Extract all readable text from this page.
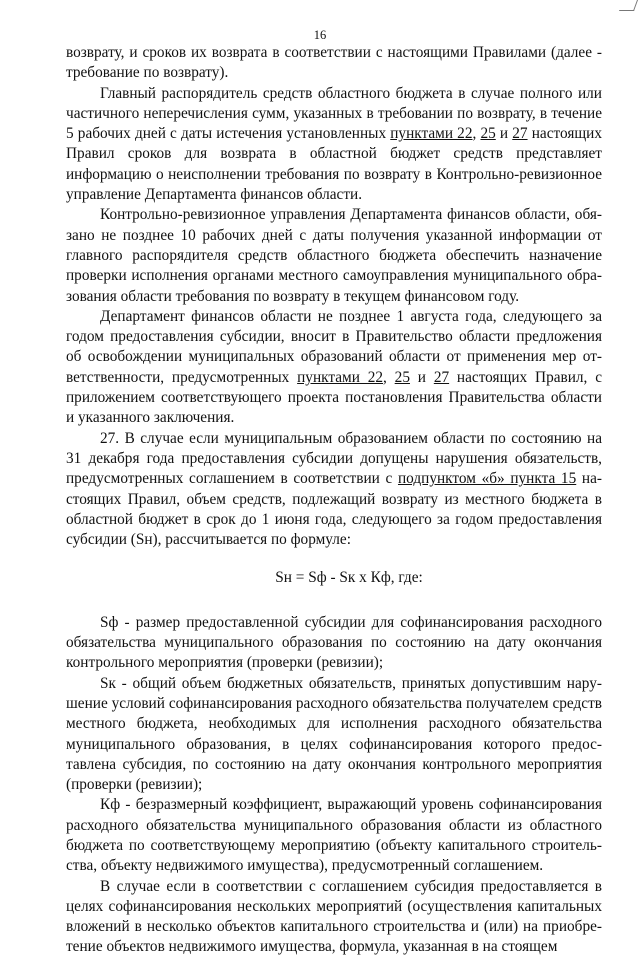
16

возврату, и сроков их возврата в соответствии с настоящими Правилами (далее - требование по возврату).

Главный распорядитель средств областного бюджета в случае полного или частичного неперечисления сумм, указанных в требовании по возврату, в течение 5 рабочих дней с даты истечения установленных пунктами 22, 25 и 27 настоящих Правил сроков для возврата в областной бюджет средств представляет информацию о неисполнении требования по возврату в Контрольно-ревизионное управление Департамента финансов области.

Контрольно-ревизионное управления Департамента финансов области, обязано не позднее 10 рабочих дней с даты получения указанной информации от главного распорядителя средств областного бюджета обеспечить назначение проверки исполнения органами местного самоуправления муниципального образования области требования по возврату в текущем финансовом году.

Департамент финансов области не позднее 1 августа года, следующего за годом предоставления субсидии, вносит в Правительство области предложения об освобождении муниципальных образований области от применения мер ответственности, предусмотренных пунктами 22, 25 и 27 настоящих Правил, с приложением соответствующего проекта постановления Правительства области и указанного заключения.

27. В случае если муниципальным образованием области по состоянию на 31 декабря года предоставления субсидии допущены нарушения обязательств, предусмотренных соглашением в соответствии с подпунктом «б» пункта 15 настоящих Правил, объем средств, подлежащий возврату из местного бюджета в областной бюджет в срок до 1 июня года, следующего за годом предоставления субсидии (Sн), рассчитывается по формуле:

Sн = Sф - Sк х Кф, где:

Sф - размер предоставленной субсидии для софинансирования расходного обязательства муниципального образования по состоянию на дату окончания контрольного мероприятия (проверки (ревизии);

Sк - общий объем бюджетных обязательств, принятых допустившим нарушение условий софинансирования расходного обязательства получателем средств местного бюджета, необходимых для исполнения расходного обязательства муниципального образования, в целях софинансирования которого предоставлена субсидия, по состоянию на дату окончания контрольного мероприятия (проверки (ревизии);

Кф - безразмерный коэффициент, выражающий уровень софинансирования расходного обязательства муниципального образования области из областного бюджета по соответствующему мероприятию (объекту капитального строительства, объекту недвижимого имущества), предусмотренный соглашением.

В случае если в соответствии с соглашением субсидия предоставляется в целях софинансирования нескольких мероприятий (осуществления капитальных вложений в несколько объектов капитального строительства и (или) на приобретение объектов недвижимого имущества, формула, указанная в на стоящем
